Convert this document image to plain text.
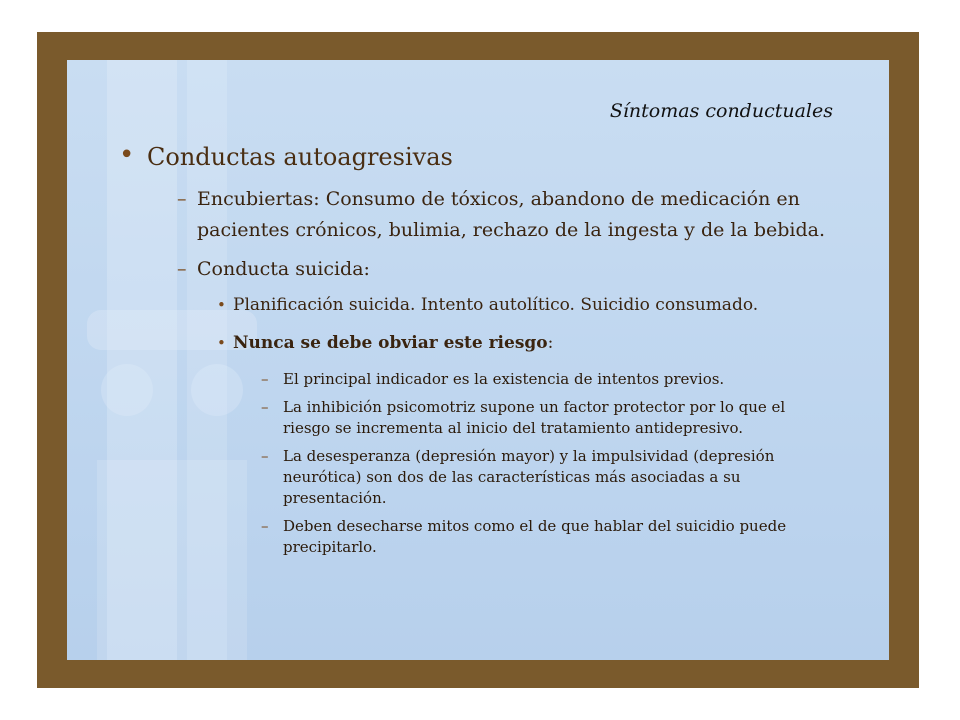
Síntomas conductuales
• Conductas autoagresivas
– Encubiertas: Consumo de tóxicos, abandono de medicación en pacientes crónicos, bulimia, rechazo de la ingesta y de la bebida.
– Conducta suicida:
• Planificación suicida. Intento autolítico. Suicidio consumado.
• Nunca se debe obviar este riesgo:
– El principal indicador es la existencia de intentos previos.
– La inhibición psicomotriz supone un factor protector por lo que el riesgo se incrementa al inicio del tratamiento antidepresivo.
– La desesperanza (depresión mayor) y la impulsividad (depresión neurótica) son dos de las características más asociadas a su presentación.
– Deben desecharse mitos como el de que hablar del suicidio puede precipitarlo.
